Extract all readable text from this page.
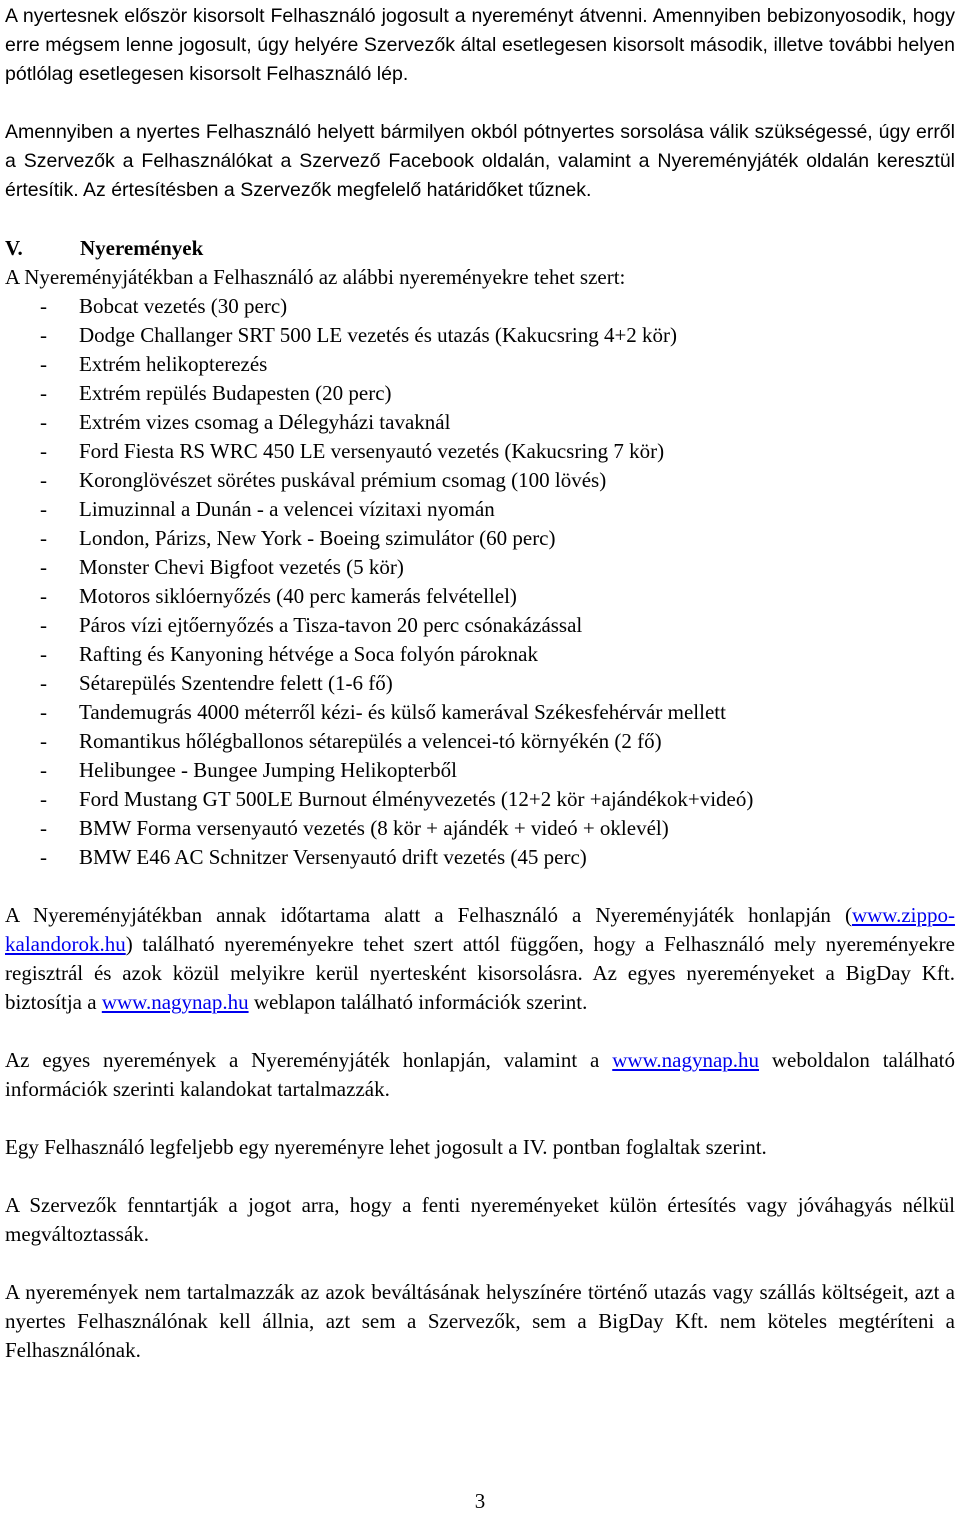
A nyertesnek először kisorsolt Felhasználó jogosult a nyereményt átvenni. Amennyiben bebizonyosodik, hogy erre mégsem lenne jogosult, úgy helyére Szervezők által esetlegesen kisorsolt második, illetve további helyen pótlólag esetlegesen kisorsolt Felhasználó lép.

Amennyiben a nyertes Felhasználó helyett bármilyen okból pótnyertes sorsolása válik szükségessé, úgy erről a Szervezők a Felhasználókat a Szervező Facebook oldalán, valamint a Nyereményjáték oldalán keresztül értesítik. Az értesítésben a Szervezők megfelelő határidőket tűznek.

V.	Nyeremények

A Nyereményjátékban a Felhasználó az alábbi nyereményekre tehet szert:

- Bobcat vezetés (30 perc)
- Dodge Challanger SRT 500 LE vezetés és utazás (Kakucsring 4+2 kör)
- Extrém helikopterezés
- Extrém repülés Budapesten (20 perc)
- Extrém vizes csomag a Délegyházi tavaknál
- Ford Fiesta RS WRC 450 LE versenyautó vezetés (Kakucsring 7 kör)
- Koronglövészet sörétes puskával prémium csomag (100 lövés)
- Limuzinnal a Dunán - a velencei vízitaxi nyomán
- London, Párizs, New York - Boeing szimulátor (60 perc)
- Monster Chevi Bigfoot vezetés (5 kör)
- Motoros siklóernyőzés (40 perc kamerás felvétellel)
- Páros vízi ejtőernyőzés a Tisza-tavon 20 perc csónakázással
- Rafting és Kanyoning hétvége a Soca folyón pároknak
- Sétarepülés Szentendre felett (1-6 fő)
- Tandemugrás 4000 méterről kézi- és külső kamerával Székesfehérvár mellett
- Romantikus hőlégballonos sétarepülés a velencei-tó környékén (2 fő)
- Helibungee - Bungee Jumping Helikopterből
- Ford Mustang GT 500LE Burnout élményvezetés (12+2 kör +ajándékok+videó)
- BMW Forma versenyautó vezetés (8 kör + ajándék + videó + oklevél)
- BMW E46 AC Schnitzer Versenyautó drift vezetés (45 perc)

A Nyereményjátékban annak időtartama alatt a Felhasználó a Nyereményjáték honlapján (www.zippo-kalandorok.hu) található nyereményekre tehet szert attól függően, hogy a Felhasználó mely nyereményekre regisztrál és azok közül melyikre kerül nyertesként kisorsolásra. Az egyes nyereményeket a BigDay Kft. biztosítja a www.nagynap.hu weblapon található információk szerint.

Az egyes nyeremények a Nyereményjáték honlapján, valamint a www.nagynap.hu weboldalon található információk szerinti kalandokat tartalmazzák.

Egy Felhasználó legfeljebb egy nyereményre lehet jogosult a IV. pontban foglaltak szerint.

A Szervezők fenntartják a jogot arra, hogy a fenti nyereményeket külön értesítés vagy jóváhagyás nélkül megváltoztassák.

A nyeremények nem tartalmazzák az azok beváltásának helyszínére történő utazás vagy szállás költségeit, azt a nyertes Felhasználónak kell állnia, azt sem a Szervezők, sem a BigDay Kft. nem köteles megtéríteni a Felhasználónak.

3
